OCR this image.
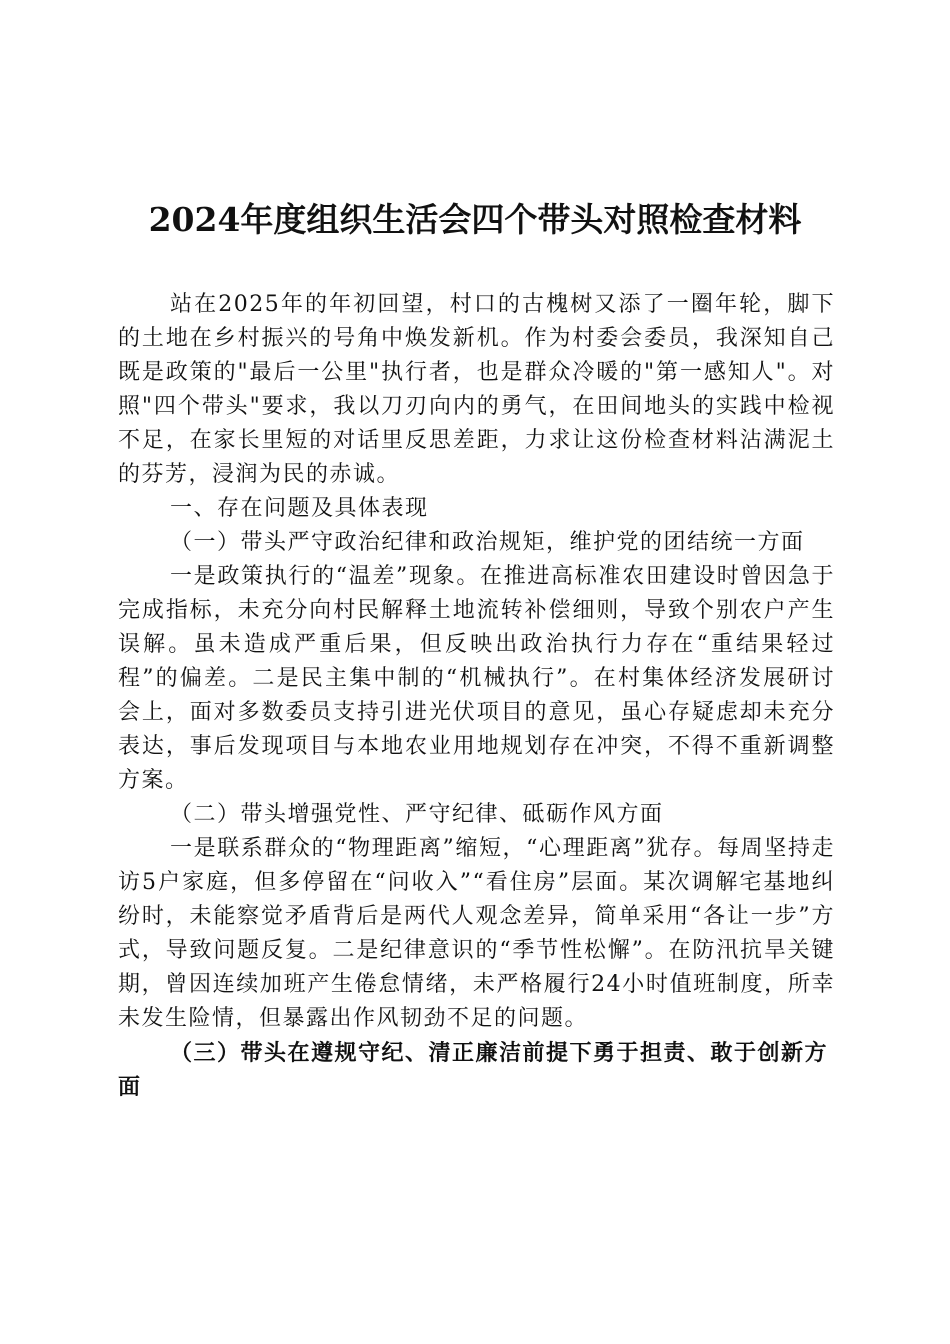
2024年度组织生活会四个带头对照检查材料

站在2025年的年初回望，村口的古槐树又添了一圈年轮，脚下的土地在乡村振兴的号角中焕发新机。作为村委会委员，我深知自己既是政策的"最后一公里"执行者，也是群众冷暖的"第一感知人"。对照"四个带头"要求，我以刀刃向内的勇气，在田间地头的实践中检视不足，在家长里短的对话里反思差距，力求让这份检查材料沾满泥土的芬芳，浸润为民的赤诚。

一、存在问题及具体表现

（一）带头严守政治纪律和政治规矩，维护党的团结统一方面

一是政策执行的“温差”现象。在推进高标准农田建设时曾因急于完成指标，未充分向村民解释土地流转补偿细则，导致个别农户产生误解。虽未造成严重后果，但反映出政治执行力存在“重结果轻过程”的偏差。二是民主集中制的“机械执行”。在村集体经济发展研讨会上，面对多数委员支持引进光伏项目的意见，虽心存疑虑却未充分表达，事后发现项目与本地农业用地规划存在冲突，不得不重新调整方案。

（二）带头增强党性、严守纪律、砥砺作风方面

一是联系群众的“物理距离”缩短，“心理距离”犹存。每周坚持走访5户家庭，但多停留在“问收入”“看住房”层面。某次调解宅基地纠纷时，未能察觉矛盾背后是两代人观念差异，简单采用“各让一步”方式，导致问题反复。二是纪律意识的“季节性松懈”。在防汛抗旱关键期，曾因连续加班产生倦怠情绪，未严格履行24小时值班制度，所幸未发生险情，但暴露出作风韧劲不足的问题。

（三）带头在遵规守纪、清正廉洁前提下勇于担责、敢于创新方面
